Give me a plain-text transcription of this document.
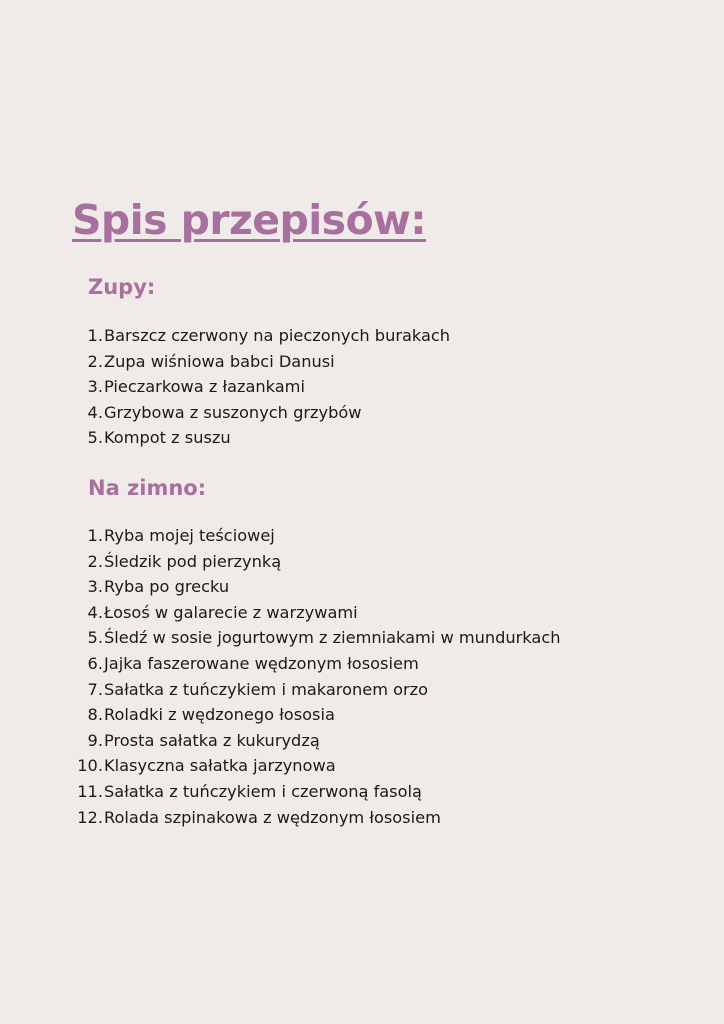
Spis przepisów:
Zupy:
1. Barszcz czerwony na pieczonych burakach
2. Zupa wiśniowa babci Danusi
3. Pieczarkowa z łazankami
4. Grzybowa z suszonych grzybów
5. Kompot z suszu
Na zimno:
1. Ryba mojej teściowej
2. Śledzik pod pierzynką
3. Ryba po grecku
4. Łosoś w galarecie z warzywami
5. Śledź w sosie jogurtowym z ziemniakami w mundurkach
6. Jajka faszerowane wędzonym łososiem
7. Sałatka z tuńczykiem i makaronem orzo
8. Roladki z wędzonego łososia
9. Prosta sałatka z kukurydzą
10. Klasyczna sałatka jarzynowa
11. Sałatka z tuńczykiem i czerwoną fasolą
12. Rolada szpinakowa z wędzonym łososiem
